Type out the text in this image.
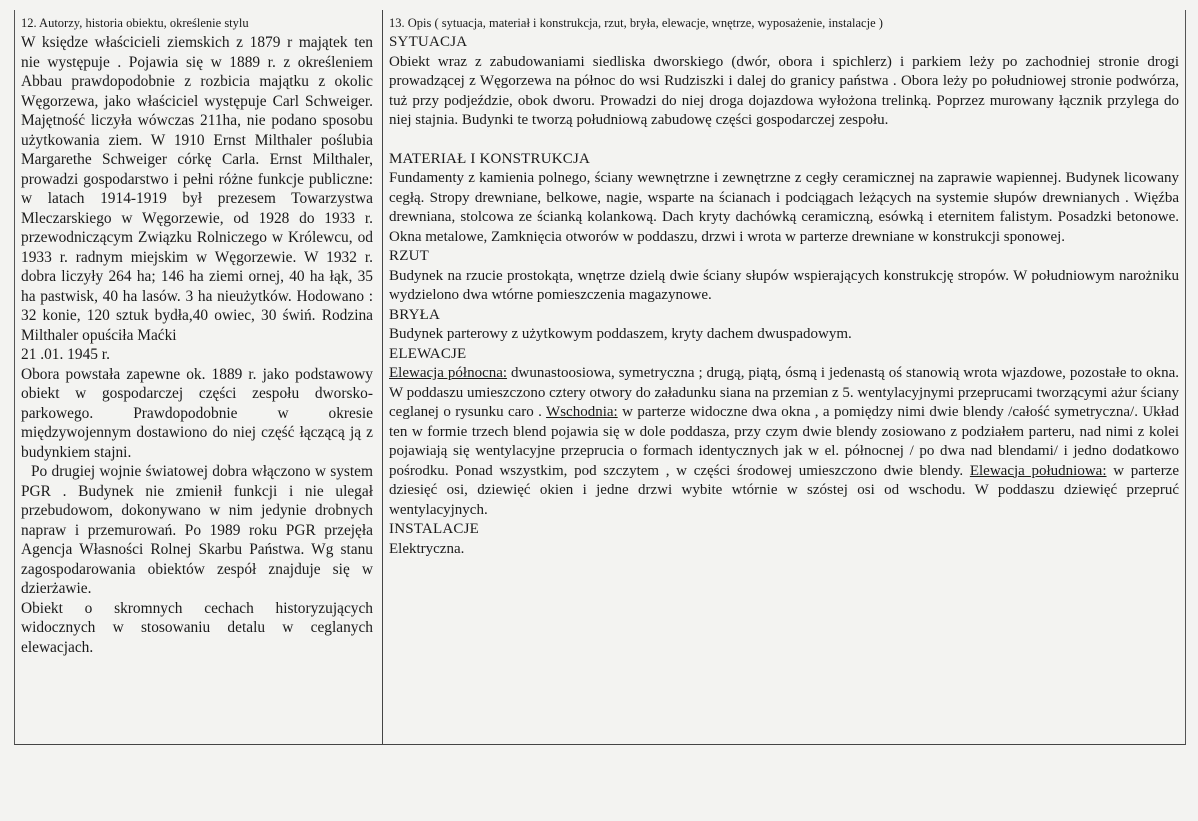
12. Autorzy, historia obiektu, określenie stylu
W księdze właścicieli ziemskich z 1879 r majątek ten nie występuje . Pojawia się w 1889 r. z określeniem Abbau prawdopodobnie z rozbicia majątku z okolic Węgorzewa, jako właściciel występuje Carl Schweiger. Majętność liczyła wówczas 211ha, nie podano sposobu użytkowania ziem. W 1910 Ernst Milthaler poślubia Margarethe Schweiger córkę Carla. Ernst Milthaler, prowadzi gospodarstwo i pełni różne funkcje publiczne: w latach 1914-1919 był prezesem Towarzystwa Mleczarskiego w Węgorzewie, od 1928 do 1933 r. przewodniczącym Związku Rolniczego w Królewcu, od 1933 r. radnym miejskim w Węgorzewie. W 1932 r. dobra liczyły 264 ha; 146 ha ziemi ornej, 40 ha łąk, 35 ha pastwisk, 40 ha lasów. 3 ha nieużytków. Hodowano : 32 konie, 120 sztuk bydła,40 owiec, 30 świń. Rodzina Milthaler opuściła Maćki
21 .01. 1945 r.
Obora powstała zapewne ok. 1889 r. jako podstawowy obiekt w gospodarczej części zespołu dworsko-parkowego. Prawdopodobnie w okresie międzywojennym dostawiono do niej część łączącą ją z budynkiem stajni.
Po drugiej wojnie światowej dobra włączono w system PGR . Budynek nie zmienił funkcji i nie ulegał przebudowom, dokonywano w nim jedynie drobnych napraw i przemurowań. Po 1989 roku PGR przejęła Agencja Własności Rolnej Skarbu Państwa. Wg stanu zagospodarowania obiektów zespół znajduje się w dzierżawie.
Obiekt o skromnych cechach historyzujących widocznych w stosowaniu detalu w ceglanych elewacjach.
13. Opis ( sytuacja, materiał i konstrukcja, rzut, bryła, elewacje, wnętrze, wyposażenie, instalacje )
SYTUACJA
Obiekt wraz z zabudowaniami siedliska dworskiego (dwór, obora i spichlerz) i parkiem leży po zachodniej stronie drogi prowadzącej z Węgorzewa na północ do wsi Rudziszki i dalej do granicy państwa . Obora leży po południowej stronie podwórza, tuż przy podjeździe, obok dworu. Prowadzi do niej droga dojazdowa wyłożona trelinką. Poprzez murowany łącznik przylega do niej stajnia. Budynki te tworzą południową zabudowę części gospodarczej zespołu.
MATERIAŁ I KONSTRUKCJA
Fundamenty z kamienia polnego, ściany wewnętrzne i zewnętrzne z cegły ceramicznej na zaprawie wapiennej. Budynek licowany cegłą. Stropy drewniane, belkowe, nagie, wsparte na ścianach i podciągach leżących na systemie słupów drewnianych . Więźba drewniana, stolcowa ze ścianką kolankową. Dach kryty dachówką ceramiczną, esówką i eternitem falistym. Posadzki betonowe. Okna metalowe, Zamknięcia otworów w poddaszu, drzwi i wrota w parterze drewniane w konstrukcji sponowej.
RZUT
Budynek na rzucie prostokąta, wnętrze dzielą dwie ściany słupów wspierających konstrukcję stropów. W południowym narożniku wydzielono dwa wtórne pomieszczenia magazynowe.
BRYŁA
Budynek parterowy z użytkowym poddaszem, kryty dachem dwuspadowym.
ELEWACJE
Elewacja północna: dwunastoosiowa, symetryczna ; drugą, piątą, ósmą i jedenastą oś stanowią wrota wjazdowe, pozostałe to okna. W poddaszu umieszczono cztery otwory do załadunku siana na przemian z 5. wentylacyjnymi przeprucami tworzącymi ażur ściany ceglanej o rysunku caro . Wschodnia: w parterze widoczne dwa okna , a pomiędzy nimi dwie blendy /całość symetryczna/. Układ ten w formie trzech blend pojawia się w dole poddasza, przy czym dwie blendy zosiowano z podziałem parteru, nad nimi z kolei pojawiają się wentylacyjne przeprucia o formach identycznych jak w el. północnej / po dwa nad blendami/ i jedno dodatkowo pośrodku. Ponad wszystkim, pod szczytem , w części środowej umieszczono dwie blendy. Elewacja południowa: w parterze dziesięć osi, dziewięć okien i jedne drzwi wybite wtórnie w szóstej osi od wschodu. W poddaszu dziewięć przepruć wentylacyjnych.
INSTALACJE
Elektryczna.
